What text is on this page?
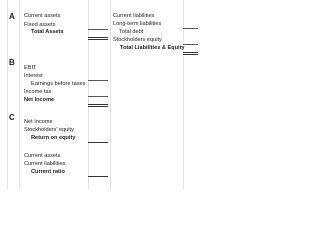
A Current assets
Fixed assets
Total Assets
Current liabilities
Long-term liabilities
Total debt
Stockholders equity
Total Liabilities & Equity
B
EBIT
Interest
Earnings before taxes
Income tax
Net Income
C Net Income
Stockholders' equity
Return on equity
Current assets
Current liabilities
Current ratio
